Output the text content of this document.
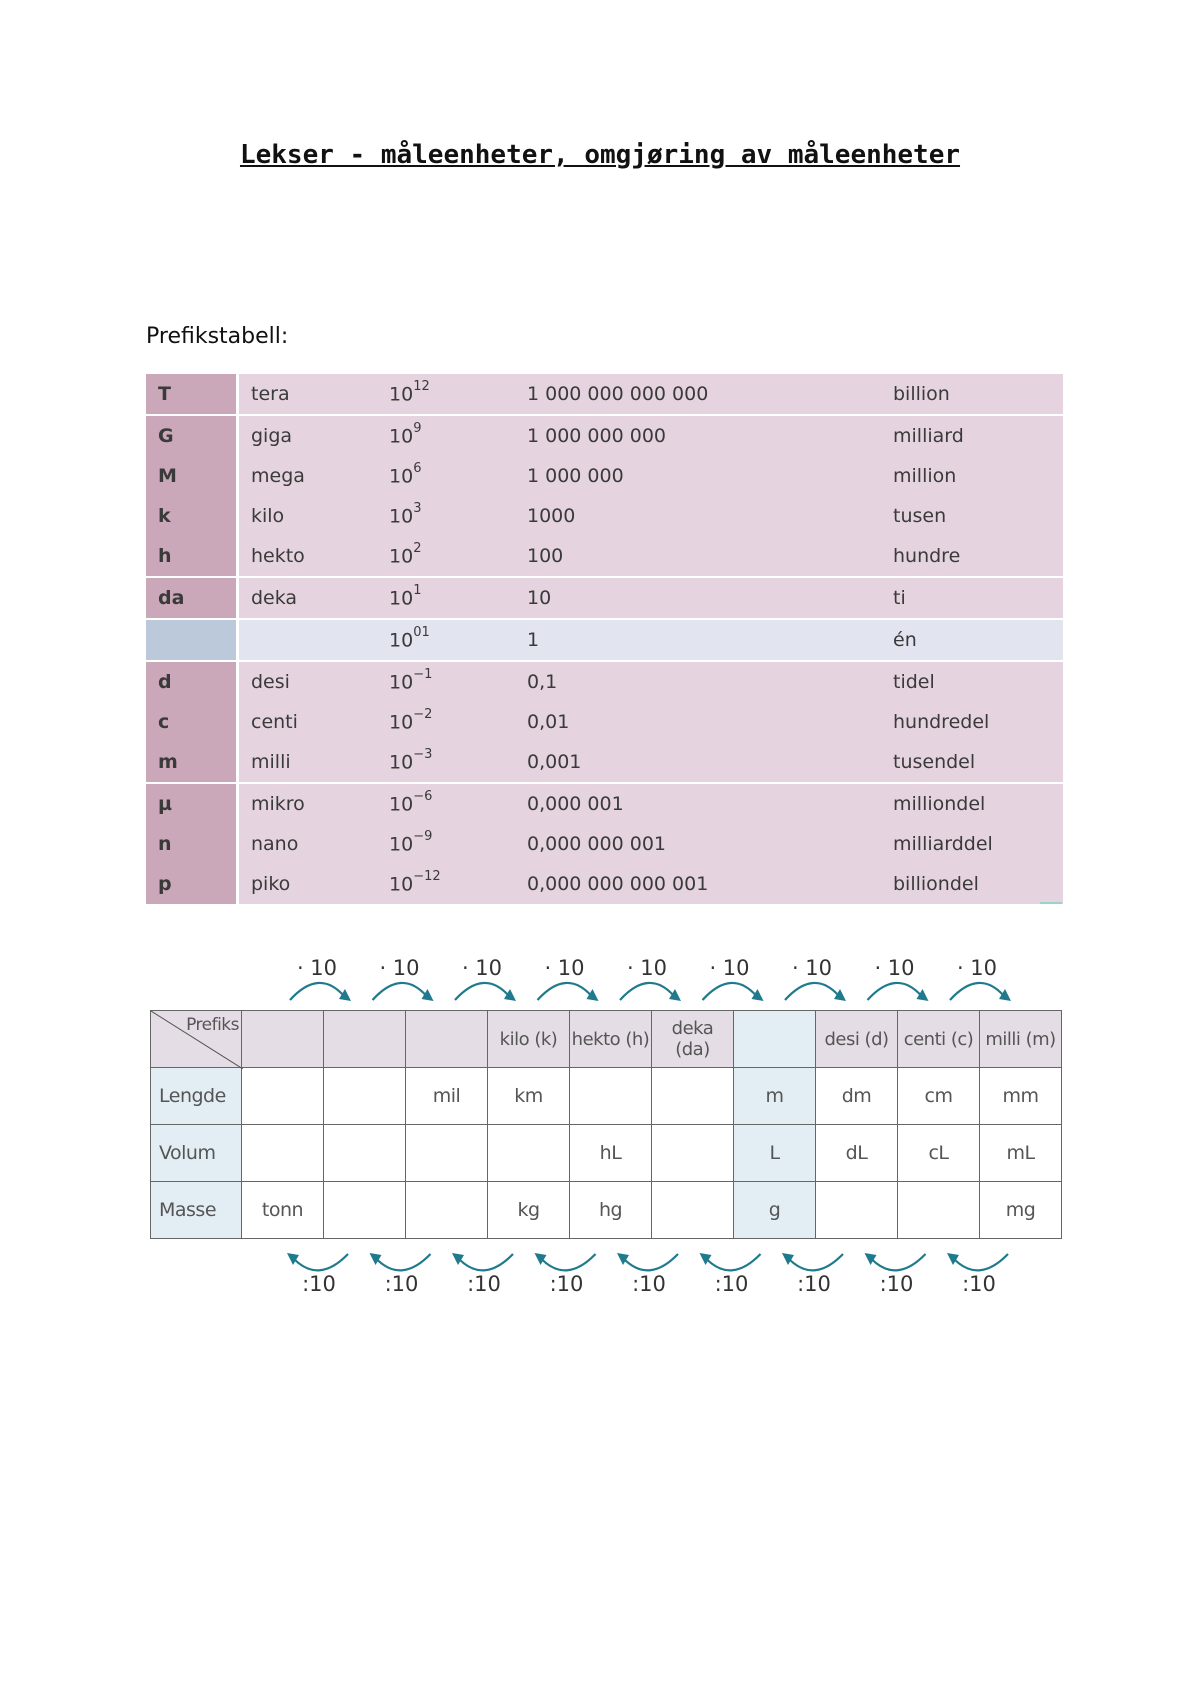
Lekser - måleenheter, omgjøring av måleenheter
Prefikstabell:
T	tera	$10^{12}$	1 000 000 000 000	billion
G	giga	$10^9$	1 000 000 000	milliard
M	mega	$10^6$	1 000 000	million
k	kilo	$10^3$	1000	tusen
h	hekto	$10^2$	100	hundre
da	deka	$10^1$	10	ti
		$10^{01}$	1	én
d	desi	$10^{-1}$	0,1	tidel
c	centi	$10^{-2}$	0,01	hundredel
m	milli	$10^{-3}$	0,001	tusendel
µ	mikro	$10^{-6}$	0,000 001	milliondel
n	nano	$10^{-9}$	0,000 000 001	milliarddel
p	piko	$10^{-12}$	0,000 000 000 001	billiondel
· 10	· 10	· 10	· 10	· 10	· 10	· 10	· 10	· 10
Prefiks				kilo (k)	hekto (h)	deka (da)		desi (d)	centi (c)	milli (m)
Lengde			mil	km			m	dm	cm	mm
Volum					hL		L	dL	cL	mL
Masse	tonn			kg	hg		g			mg
:10	:10	:10	:10	:10	:10	:10	:10	:10
